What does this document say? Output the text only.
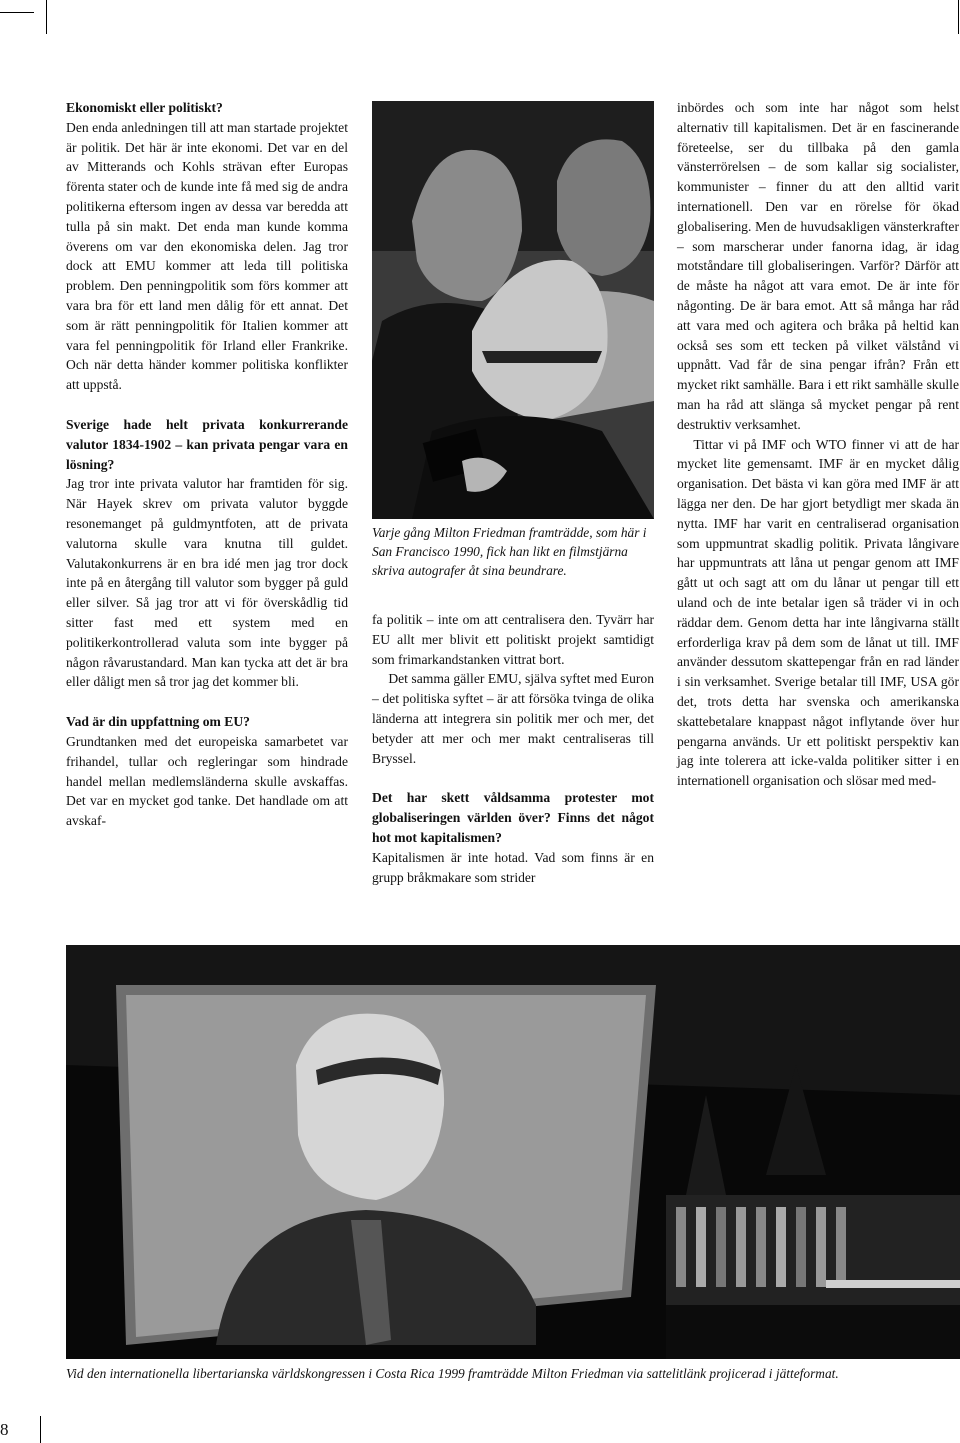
Ekonomiskt eller politiskt?

Den enda anledningen till att man startade projektet är politik. Det här är inte ekonomi. Det var en del av Mitterands och Kohls strävan efter Europas förenta stater och de kunde inte få med sig de andra politikerna eftersom ingen av dessa var beredda att tulla på sin makt. Det enda man kunde komma överens om var den ekonomiska delen. Jag tror dock att EMU kommer att leda till politiska problem. Den penningpolitik som förs kommer att vara bra för ett land men dålig för ett annat. Det som är rätt penningpolitik för Italien kommer att vara fel penningpolitik för Irland eller Frankrike. Och när detta händer kommer politiska konflikter att uppstå.

Sverige hade helt privata konkurrerande valutor 1834-1902 – kan privata pengar vara en lösning?

Jag tror inte privata valutor har framtiden för sig. När Hayek skrev om privata valutor byggde resonemanget på guldmyntfoten, att de privata valutorna skulle vara knutna till guldet. Valutakonkurrens är en bra idé men jag tror dock inte på en återgång till valutor som bygger på guld eller silver. Så jag tror att vi för överskådlig tid sitter fast med ett system med en politikerkontrollerad valuta som inte bygger på någon råvarustandard. Man kan tycka att det är bra eller dåligt men så tror jag det kommer bli.

Vad är din uppfattning om EU?

Grundtanken med det europeiska samarbetet var frihandel, tullar och regleringar som hindrade handel mellan medlemsländerna skulle avskaffas. Det var en mycket god tanke. Det handlade om att avskaf-

Varje gång Milton Friedman framträdde, som här i San Francisco 1990, fick han likt en filmstjärna skriva autografer åt sina beundrare.

fa politik – inte om att centralisera den. Tyvärr har EU allt mer blivit ett politiskt projekt samtidigt som frimarkandstanken vittrat bort.

Det samma gäller EMU, själva syftet med Euron – det politiska syftet – är att försöka tvinga de olika länderna att integrera sin politik mer och mer, det betyder att mer och mer makt centraliseras till Bryssel.

Det har skett våldsamma protester mot globaliseringen världen över? Finns det något hot mot kapitalismen?

Kapitalismen är inte hotad. Vad som finns är en grupp bråkmakare som strider

inbördes och som inte har något som helst alternativ till kapitalismen. Det är en fascinerande företeelse, ser du tillbaka på den gamla vänsterrörelsen – de som kallar sig socialister, kommunister – finner du att den alltid varit internationell. Den var en rörelse för ökad globalisering. Men de huvudsakligen vänsterkrafter – som marscherar under fanorna idag, är idag motståndare till globaliseringen. Varför? Därför att de måste ha något att vara emot. De är inte för någonting. De är bara emot. Att så många har råd att vara med och agitera och bråka på heltid kan också ses som ett tecken på vilket välstånd vi uppnått. Vad får de sina pengar ifrån? Från ett mycket rikt samhälle. Bara i ett rikt samhälle skulle man ha råd att slänga så mycket pengar på rent destruktiv verksamhet.

Tittar vi på IMF och WTO finner vi att de har mycket lite gemensamt. IMF är en mycket dålig organisation. Det bästa vi kan göra med IMF är att lägga ner den. De har gjort betydligt mer skada än nytta. IMF har varit en centraliserad organisation som uppmuntrat skadlig politik. Privata långivare har uppmuntrats att låna ut pengar genom att IMF gått ut och sagt att om du lånar ut pengar till ett uland och de inte betalar igen så träder vi in och räddar dem. Genom detta har inte långivarna ställt erforderliga krav på dem som de lånat ut till. IMF använder dessutom skattepengar från en rad länder i sin verksamhet. Sverige betalar till IMF, USA gör det, trots detta har svenska och amerikanska skattebetalare knappast något inflytande över hur pengarna används. Ur ett politiskt perspektiv kan jag inte tolerera att icke-valda politiker sitter i en internationell organisation och slösar med med-

Vid den internationella libertarianska världskongressen i Costa Rica 1999 framträdde Milton Friedman via sattelitlänk projicerad i jätteformat.
8
